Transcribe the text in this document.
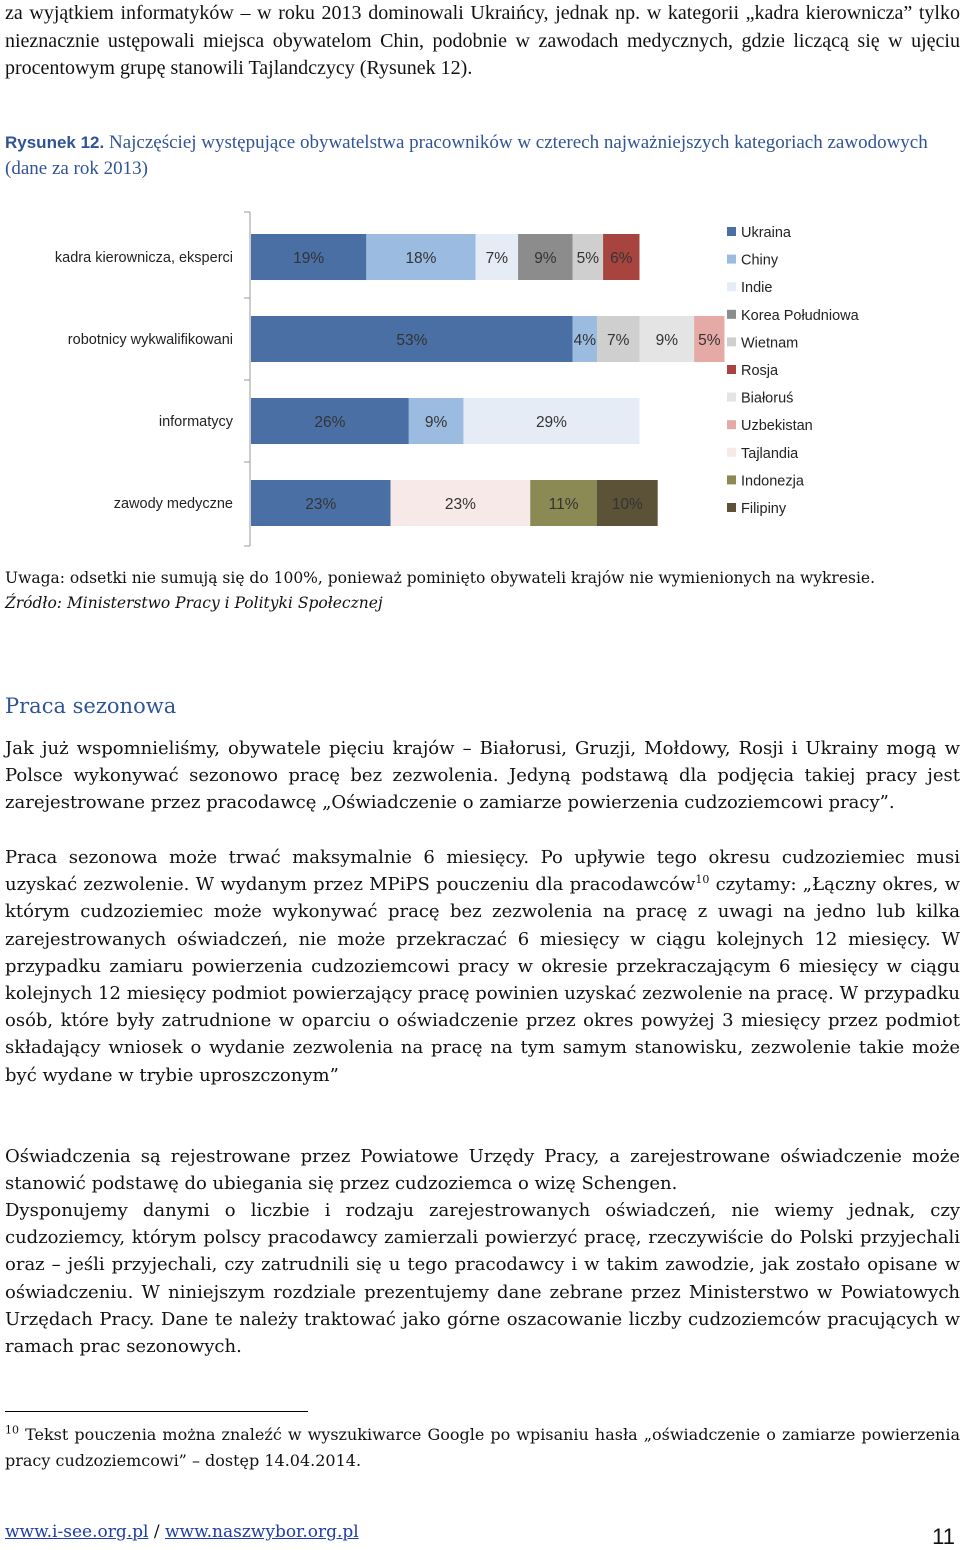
za wyjątkiem informatyków – w roku 2013 dominowali Ukraińcy, jednak np. w kategorii „kadra kierownicza” tylko nieznacznie ustępowali miejsca obywatelom Chin, podobnie w zawodach medycznych, gdzie liczącą się w ujęciu procentowym grupę stanowili Tajlandczycy (Rysunek 12).
Rysunek 12. Najczęściej występujące obywatelstwa pracowników w czterech najważniejszych kategoriach zawodowych (dane za rok 2013)
kadra kierownicza, eksperci	19%	18%	7% 9% 5% 6%
robotnicy wykwalifikowani	53%	4% 7% 9% 5%
informatycy	26%	9%	29%
zawody medyczne	23%	23%	11% 10%
Ukraina
Chiny
Indie
Korea Południowa
Wietnam
Rosja
Białoruś
Uzbekistan
Tajlandia
Indonezja
Filipiny
Uwaga: odsetki nie sumują się do 100%, ponieważ pominięto obywateli krajów nie wymienionych na wykresie.
Źródło: Ministerstwo Pracy i Polityki Społecznej
Praca sezonowa
Jak już wspomnieliśmy, obywatele pięciu krajów – Białorusi, Gruzji, Mołdowy, Rosji i Ukrainy mogą w Polsce wykonywać sezonowo pracę bez zezwolenia. Jedyną podstawą dla podjęcia takiej pracy jest zarejestrowane przez pracodawcę „Oświadczenie o zamiarze powierzenia cudzoziemcowi pracy”.
Praca sezonowa może trwać maksymalnie 6 miesięcy. Po upływie tego okresu cudzoziemiec musi uzyskać zezwolenie. W wydanym przez MPiPS pouczeniu dla pracodawców$^{10}$ czytamy: „Łączny okres, w którym cudzoziemiec może wykonywać pracę bez zezwolenia na pracę z uwagi na jedno lub kilka zarejestrowanych oświadczeń, nie może przekraczać 6 miesięcy w ciągu kolejnych 12 miesięcy. W przypadku zamiaru powierzenia cudzoziemcowi pracy w okresie przekraczającym 6 miesięcy w ciągu kolejnych 12 miesięcy podmiot powierzający pracę powinien uzyskać zezwolenie na pracę. W przypadku osób, które były zatrudnione w oparciu o oświadczenie przez okres powyżej 3 miesięcy przez podmiot składający wniosek o wydanie zezwolenia na pracę na tym samym stanowisku, zezwolenie takie może być wydane w trybie uproszczonym”
Oświadczenia są rejestrowane przez Powiatowe Urzędy Pracy, a zarejestrowane oświadczenie może stanowić podstawę do ubiegania się przez cudzoziemca o wizę Schengen.
Dysponujemy danymi o liczbie i rodzaju zarejestrowanych oświadczeń, nie wiemy jednak, czy cudzoziemcy, którym polscy pracodawcy zamierzali powierzyć pracę, rzeczywiście do Polski przyjechali oraz – jeśli przyjechali, czy zatrudnili się u tego pracodawcy i w takim zawodzie, jak zostało opisane w oświadczeniu. W niniejszym rozdziale prezentujemy dane zebrane przez Ministerstwo w Powiatowych Urzędach Pracy. Dane te należy traktować jako górne oszacowanie liczby cudzoziemców pracujących w ramach prac sezonowych.
$^{10}$ Tekst pouczenia można znaleźć w wyszukiwarce Google po wpisaniu hasła „oświadczenie o zamiarze powierzenia pracy cudzoziemcowi” – dostęp 14.04.2014.
www.i-see.org.pl / www.naszwybor.org.pl	11
